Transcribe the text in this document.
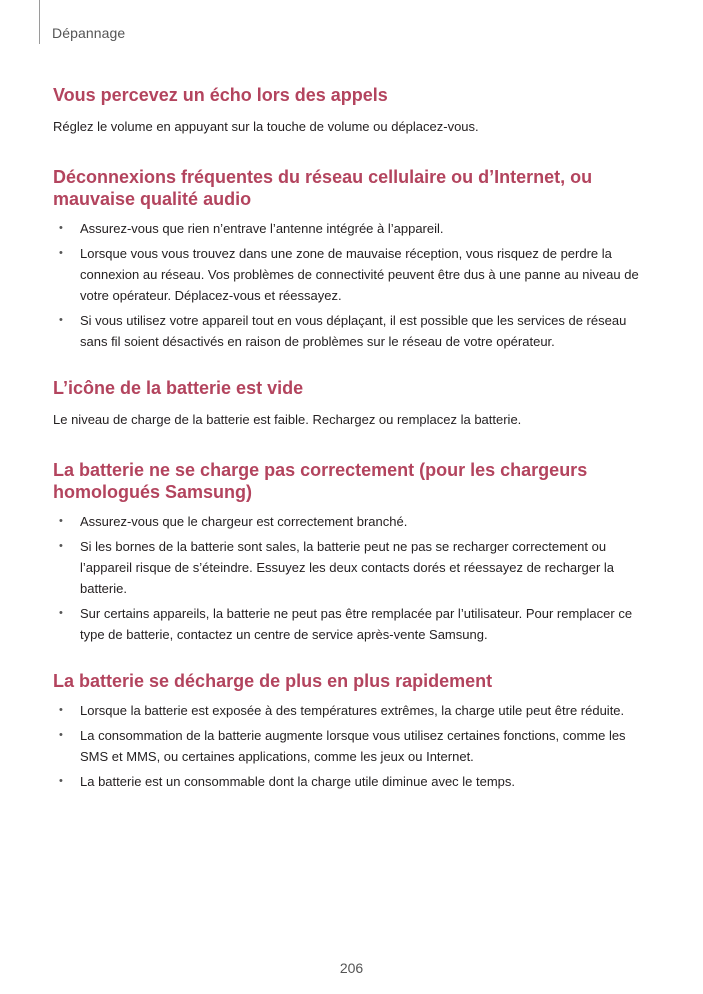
Dépannage
Vous percevez un écho lors des appels

Réglez le volume en appuyant sur la touche de volume ou déplacez-vous.

Déconnexions fréquentes du réseau cellulaire ou d’Internet, ou mauvaise qualité audio
• Assurez-vous que rien n’entrave l’antenne intégrée à l’appareil.
• Lorsque vous vous trouvez dans une zone de mauvaise réception, vous risquez de perdre la connexion au réseau. Vos problèmes de connectivité peuvent être dus à une panne au niveau de votre opérateur. Déplacez-vous et réessayez.
• Si vous utilisez votre appareil tout en vous déplaçant, il est possible que les services de réseau sans fil soient désactivés en raison de problèmes sur le réseau de votre opérateur.
L’icône de la batterie est vide

Le niveau de charge de la batterie est faible. Rechargez ou remplacez la batterie.

La batterie ne se charge pas correctement (pour les chargeurs homologués Samsung)
• Assurez-vous que le chargeur est correctement branché.
• Si les bornes de la batterie sont sales, la batterie peut ne pas se recharger correctement ou l’appareil risque de s’éteindre. Essuyez les deux contacts dorés et réessayez de recharger la batterie.
• Sur certains appareils, la batterie ne peut pas être remplacée par l’utilisateur. Pour remplacer ce type de batterie, contactez un centre de service après-vente Samsung.
La batterie se décharge de plus en plus rapidement
• Lorsque la batterie est exposée à des températures extrêmes, la charge utile peut être réduite.
• La consommation de la batterie augmente lorsque vous utilisez certaines fonctions, comme les SMS et MMS, ou certaines applications, comme les jeux ou Internet.
• La batterie est un consommable dont la charge utile diminue avec le temps.
206
